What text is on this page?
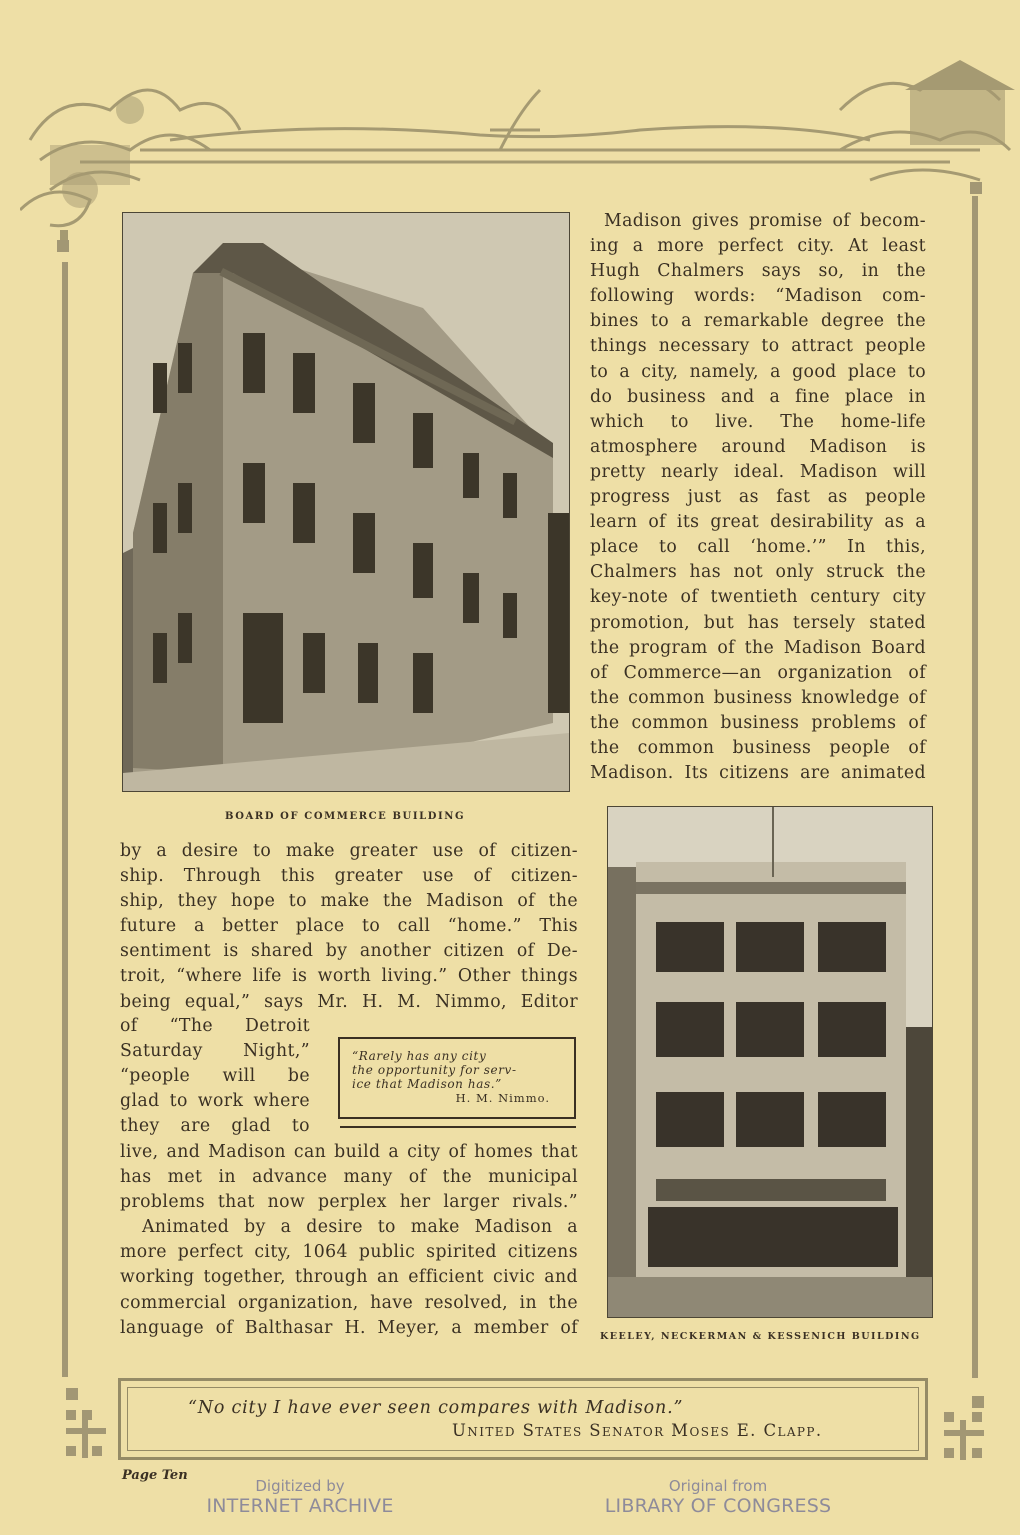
BOARD OF COMMERCE BUILDING
KEELEY, NECKERMAN & KESSENICH BUILDING
Madison gives promise of becom-
ing a more perfect city. At least
Hugh Chalmers says so, in the
following words: “Madison com-
bines to a remarkable degree the
things necessary to attract people
to a city, namely, a good place to
do business and a fine place in
which to live. The home-life
atmosphere around Madison is
pretty nearly ideal. Madison will
progress just as fast as people
learn of its great desirability as a
place to call ‘home.’” In this,
Chalmers has not only struck the
key-note of twentieth century city
promotion, but has tersely stated
the program of the Madison Board
of Commerce—an organization of
the common business knowledge of
the common business problems of
the common business people of
Madison. Its citizens are animated
by a desire to make greater use of citizen-
ship. Through this greater use of citizen-
ship, they hope to make the Madison of the
future a better place to call “home.” This
sentiment is shared by another citizen of De-
troit, “where life is worth living.” Other things
being equal,” says Mr. H. M. Nimmo, Editor
of “The Detroit
Saturday Night,”
“people will be
glad to work where
they are glad to
“Rarely has any city
the opportunity for serv-
ice that Madison has.”
H. M. Nimmo.
live, and Madison can build a city of homes that
has met in advance many of the municipal
problems that now perplex her larger rivals.”
Animated by a desire to make Madison a
more perfect city, 1064 public spirited citizens
working together, through an efficient civic and
commercial organization, have resolved, in the
language of Balthasar H. Meyer, a member of
“No city I have ever seen compares with Madison.”
United States Senator Moses E. Clapp.
Page Ten
Digitized by
INTERNET ARCHIVE
Original from
LIBRARY OF CONGRESS
